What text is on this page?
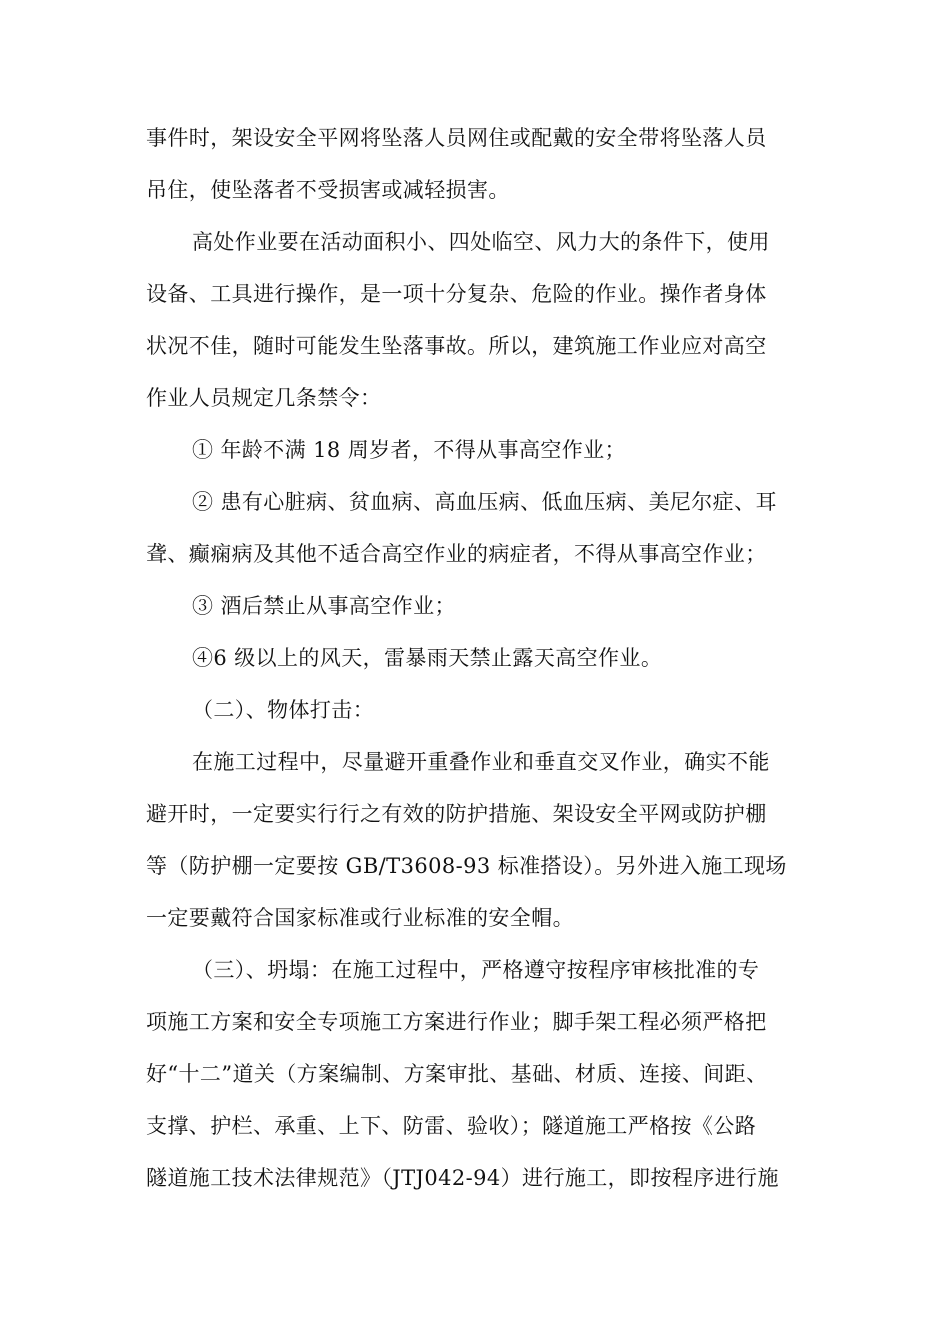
事件时，架设安全平网将坠落人员网住或配戴的安全带将坠落人员
吊住，使坠落者不受损害或减轻损害。
高处作业要在活动面积小、四处临空、风力大的条件下，使用
设备、工具进行操作，是一项十分复杂、危险的作业。操作者身体
状况不佳，随时可能发生坠落事故。所以，建筑施工作业应对高空
作业人员规定几条禁令：
① 年龄不满 18 周岁者，不得从事高空作业；
② 患有心脏病、贫血病、高血压病、低血压病、美尼尔症、耳
聋、癫痫病及其他不适合高空作业的病症者，不得从事高空作业；
③ 酒后禁止从事高空作业；
④6 级以上的风天，雷暴雨天禁止露天高空作业。
（二）、物体打击：
在施工过程中，尽量避开重叠作业和垂直交叉作业，确实不能
避开时，一定要实行行之有效的防护措施、架设安全平网或防护棚
等（防护棚一定要按 GB/T3608-93 标准搭设）。另外进入施工现场
一定要戴符合国家标准或行业标准的安全帽。
（三）、坍塌：在施工过程中，严格遵守按程序审核批准的专
项施工方案和安全专项施工方案进行作业；脚手架工程必须严格把
好“十二”道关（方案编制、方案审批、基础、材质、连接、间距、
支撑、护栏、承重、上下、防雷、验收）；隧道施工严格按《公路
隧道施工技术法律规范》（JTJ042-94）进行施工，即按程序进行施
